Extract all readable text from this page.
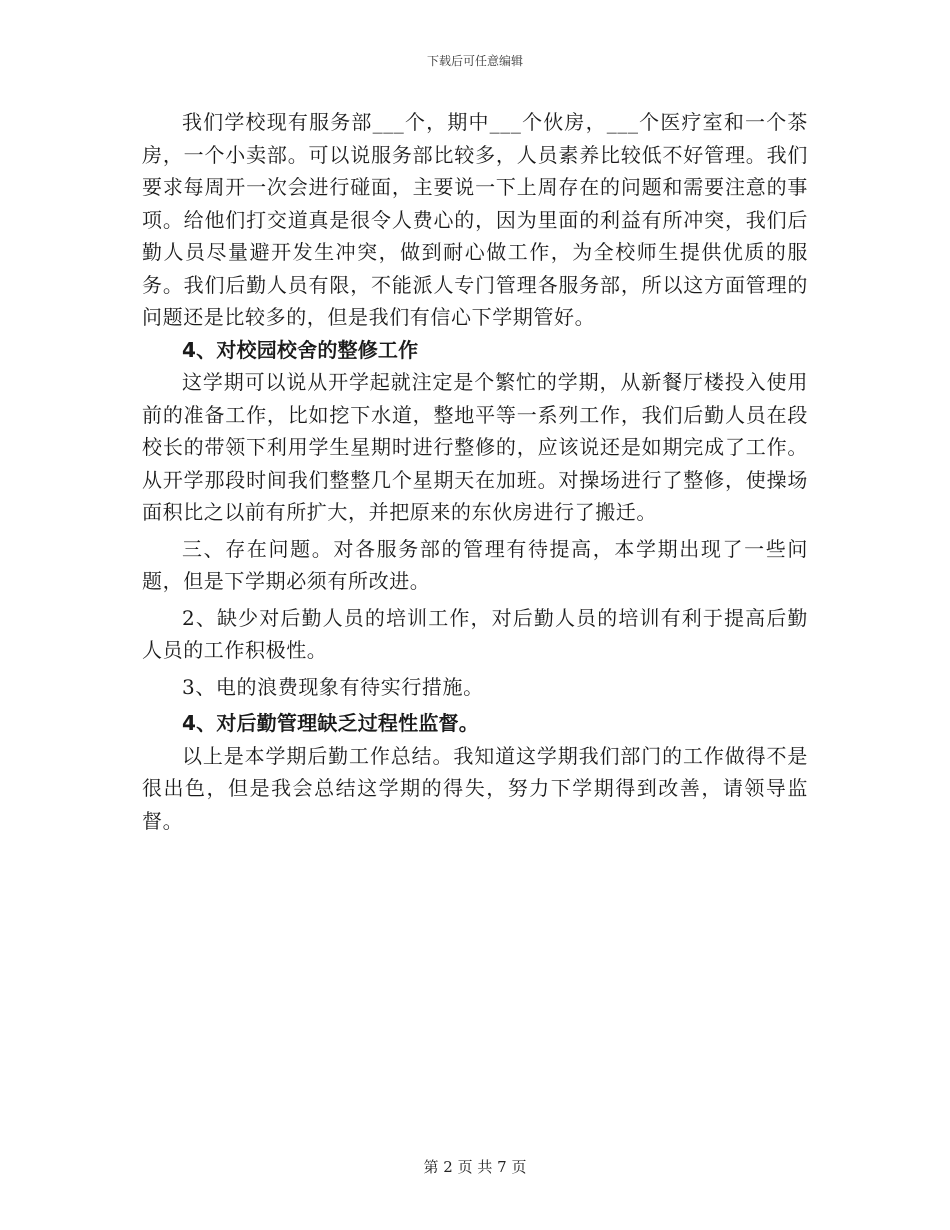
下载后可任意编辑

我们学校现有服务部___个，期中___个伙房，___个医疗室和一个茶房，一个小卖部。可以说服务部比较多，人员素养比较低不好管理。我们要求每周开一次会进行碰面，主要说一下上周存在的问题和需要注意的事项。给他们打交道真是很令人费心的，因为里面的利益有所冲突，我们后勤人员尽量避开发生冲突，做到耐心做工作，为全校师生提供优质的服务。我们后勤人员有限，不能派人专门管理各服务部，所以这方面管理的问题还是比较多的，但是我们有信心下学期管好。

4、对校园校舍的整修工作

这学期可以说从开学起就注定是个繁忙的学期，从新餐厅楼投入使用前的准备工作，比如挖下水道，整地平等一系列工作，我们后勤人员在段校长的带领下利用学生星期时进行整修的，应该说还是如期完成了工作。从开学那段时间我们整整几个星期天在加班。对操场进行了整修，使操场面积比之以前有所扩大，并把原来的东伙房进行了搬迁。

三、存在问题。对各服务部的管理有待提高，本学期出现了一些问题，但是下学期必须有所改进。

2、缺少对后勤人员的培训工作，对后勤人员的培训有利于提高后勤人员的工作积极性。

3、电的浪费现象有待实行措施。

4、对后勤管理缺乏过程性监督。

以上是本学期后勤工作总结。我知道这学期我们部门的工作做得不是很出色，但是我会总结这学期的得失，努力下学期得到改善，请领导监督。

第 2 页 共 7 页
